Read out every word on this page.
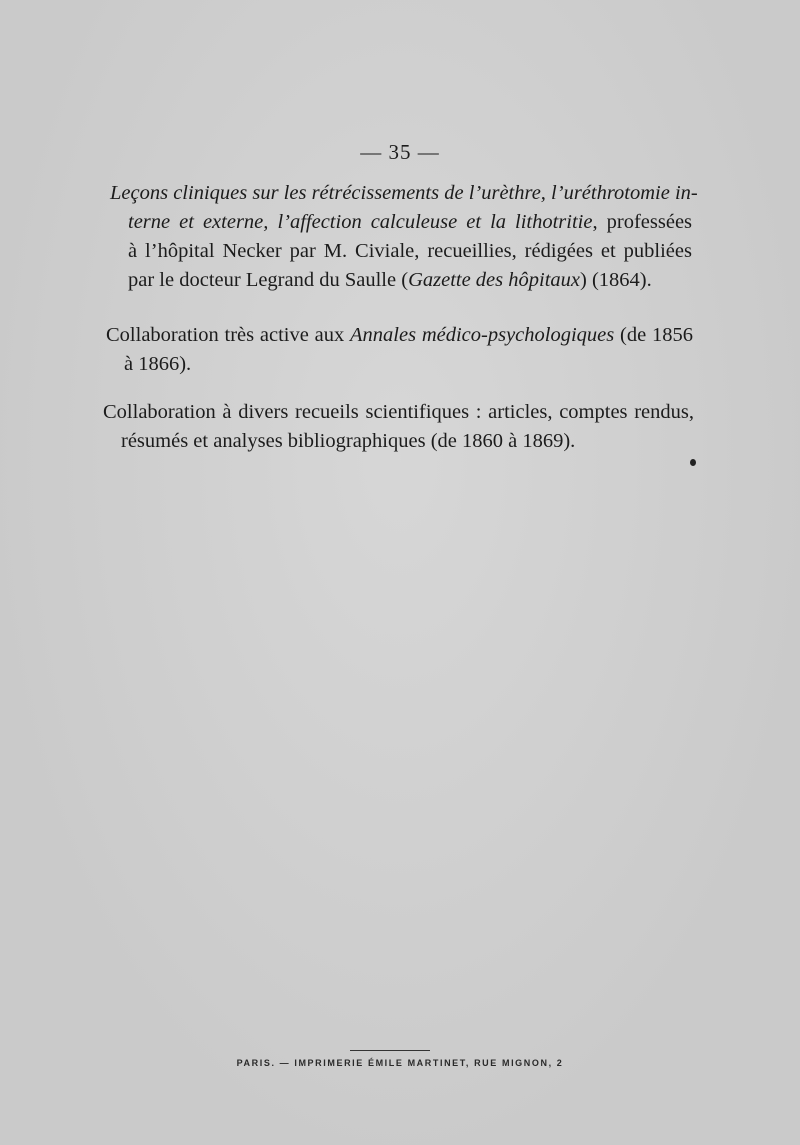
— 35 —

Leçons cliniques sur les rétrécissements de l’urèthre, l’uréthrotomie in-
terne et externe, l’affection calculeuse et la lithotritie, professées
à l’hôpital Necker par M. Civiale, recueillies, rédigées et publiées
par le docteur Legrand du Saulle (Gazette des hôpitaux) (1864).

Collaboration très active aux Annales médico-psychologiques (de 1856
à 1866).

Collaboration à divers recueils scientifiques : articles, comptes rendus,
résumés et analyses bibliographiques (de 1860 à 1869).

PARIS. — IMPRIMERIE ÉMILE MARTINET, RUE MIGNON, 2
